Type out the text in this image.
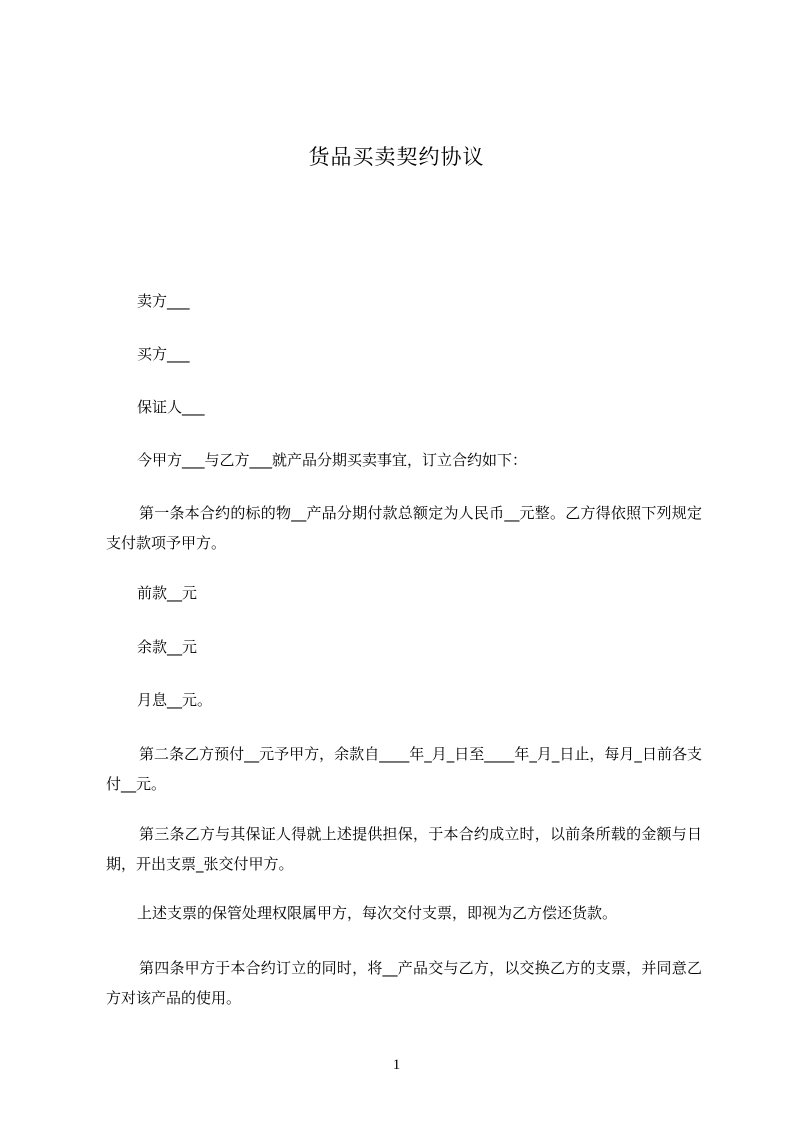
货品买卖契约协议

卖方___

买方___

保证人___

今甲方___与乙方___就产品分期买卖事宜，订立合约如下：

第一条本合约的标的物__产品分期付款总额定为人民币__元整。乙方得依照下列规定支付款项予甲方。

前款__元

余款__元

月息__元。

第二条乙方预付__元予甲方，余款自____年_月_日至____年_月_日止，每月_日前各支付__元。

第三条乙方与其保证人得就上述提供担保，于本合约成立时，以前条所载的金额与日期，开出支票_张交付甲方。

上述支票的保管处理权限属甲方，每次交付支票，即视为乙方偿还货款。

第四条甲方于本合约订立的同时，将__产品交与乙方，以交换乙方的支票，并同意乙方对该产品的使用。

1
